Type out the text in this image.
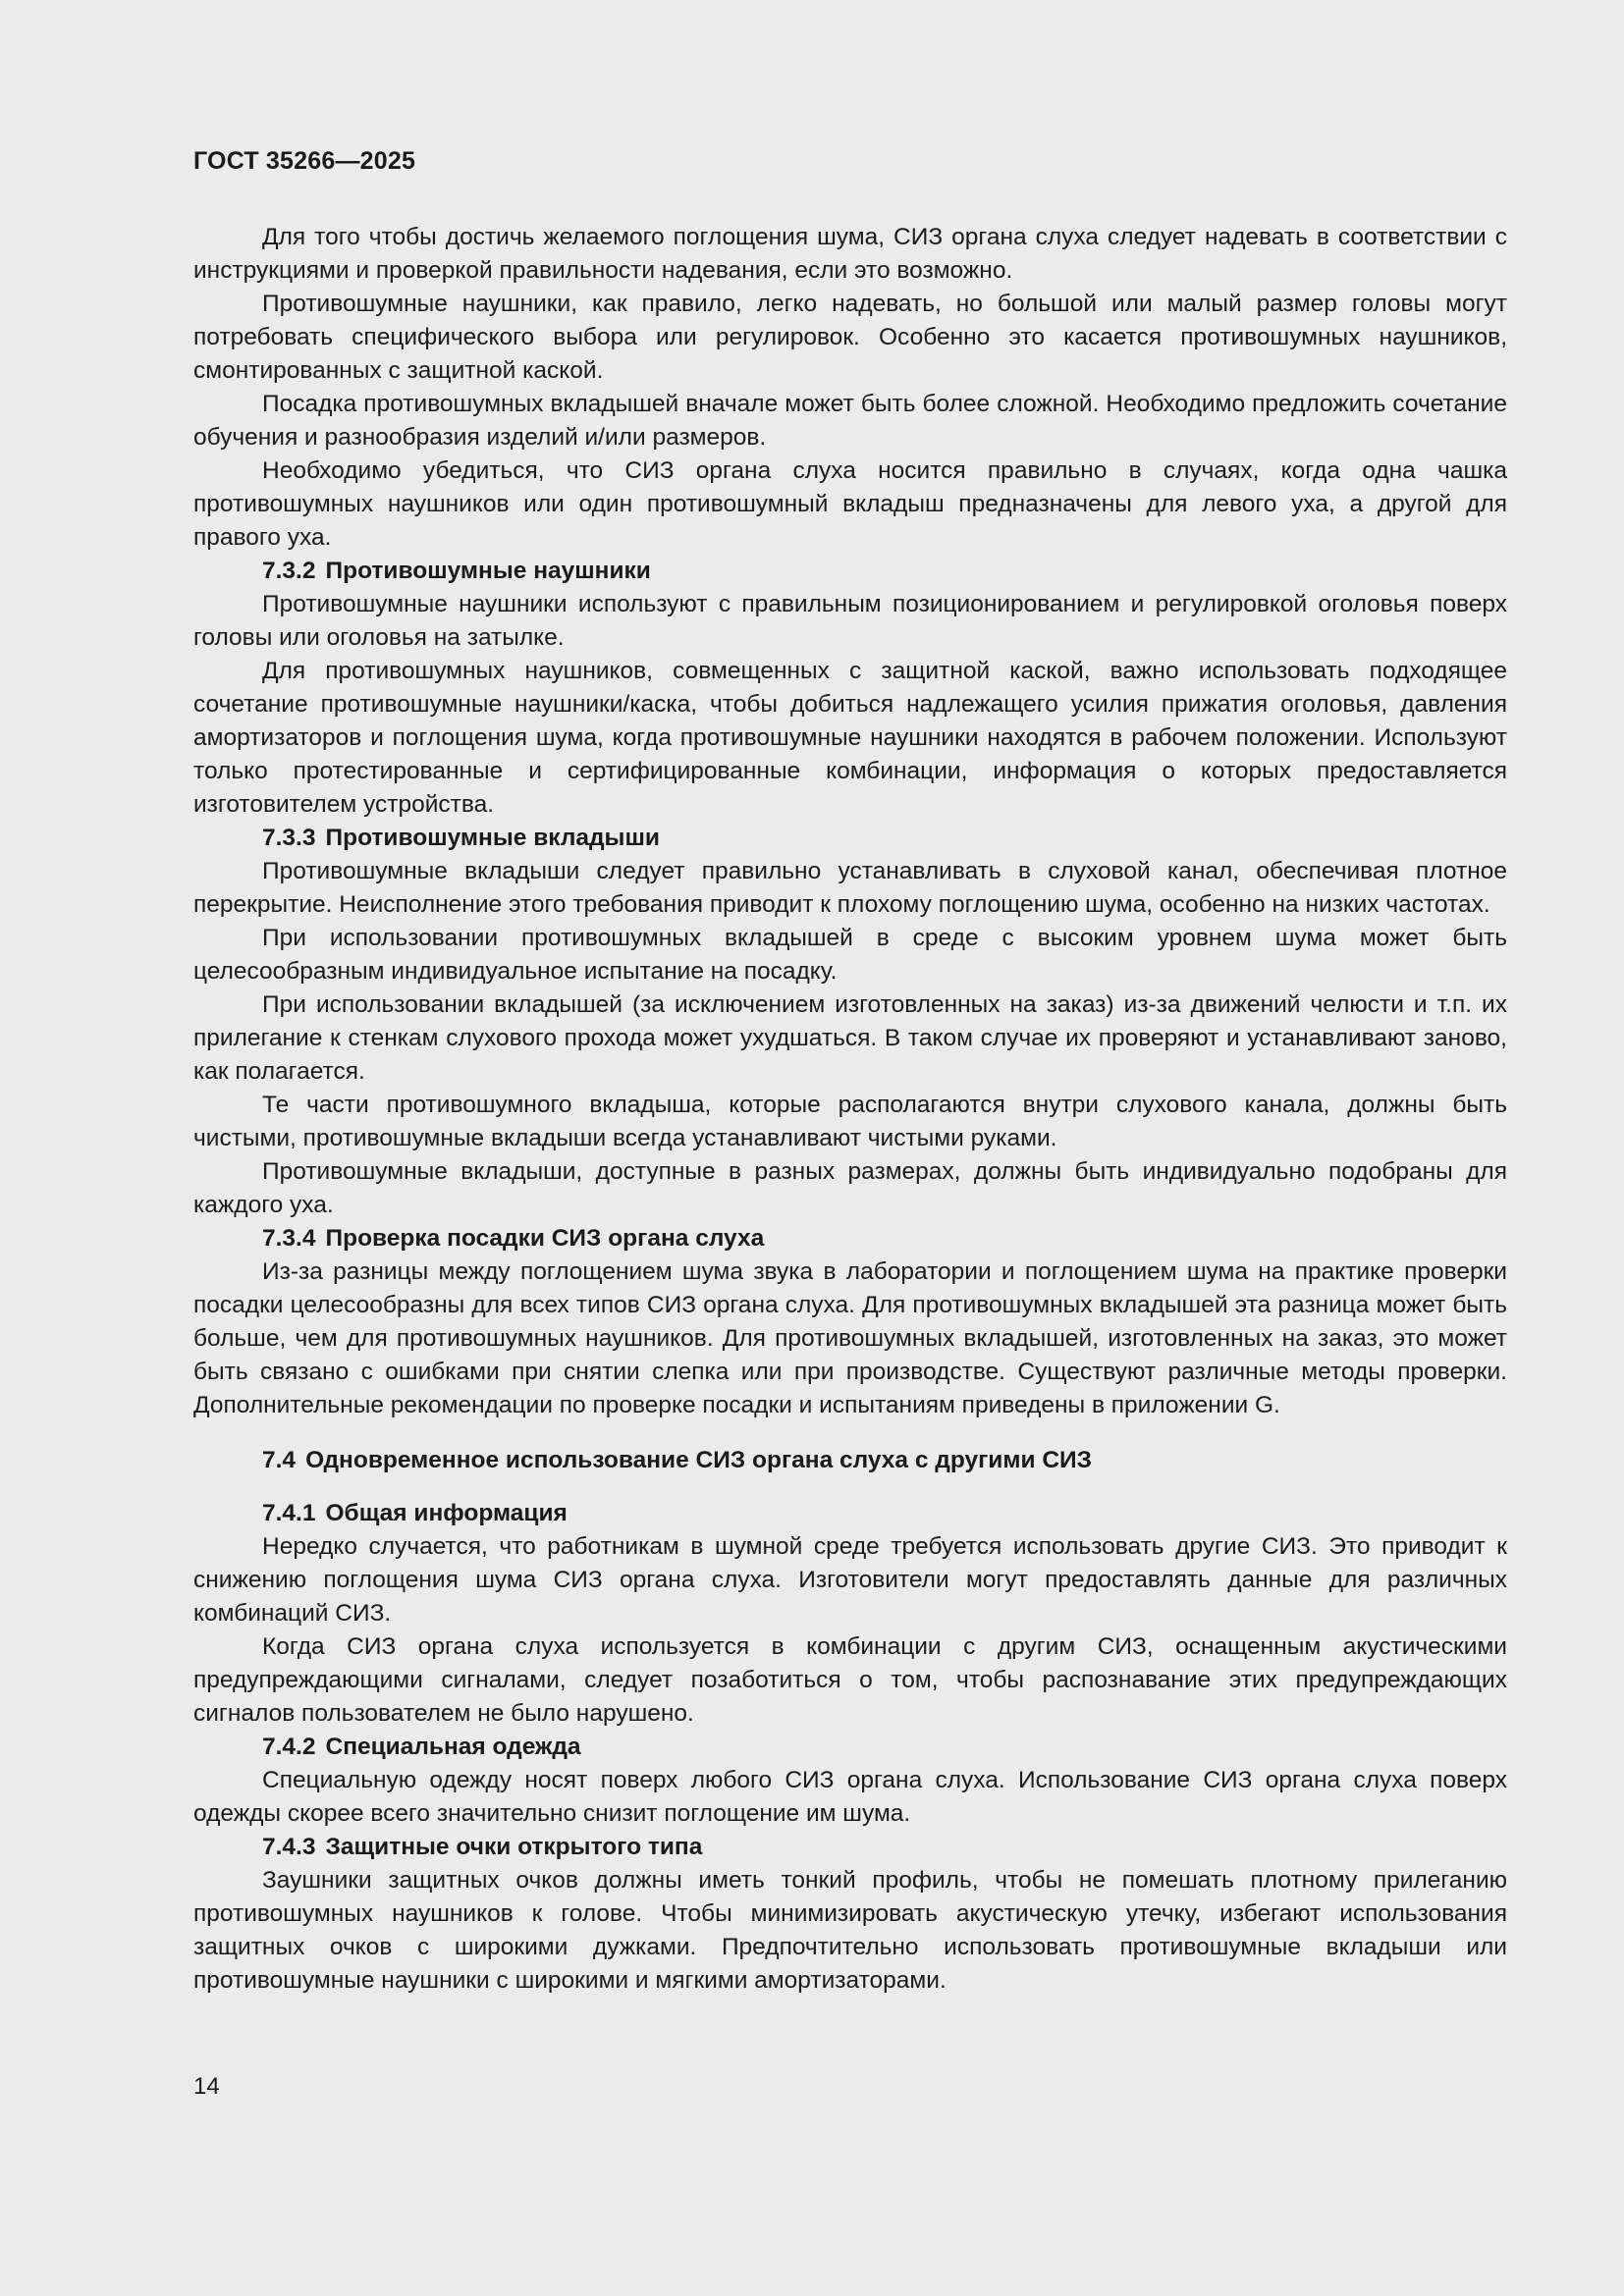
ГОСТ 35266—2025

Для того чтобы достичь желаемого поглощения шума, СИЗ органа слуха следует надевать в соответствии с инструкциями и проверкой правильности надевания, если это возможно.

Противошумные наушники, как правило, легко надевать, но большой или малый размер головы могут потребовать специфического выбора или регулировок. Особенно это касается противошумных наушников, смонтированных с защитной каской.

Посадка противошумных вкладышей вначале может быть более сложной. Необходимо предложить сочетание обучения и разнообразия изделий и/или размеров.

Необходимо убедиться, что СИЗ органа слуха носится правильно в случаях, когда одна чашка противошумных наушников или один противошумный вкладыш предназначены для левого уха, а другой для правого уха.

7.3.2 Противошумные наушники

Противошумные наушники используют с правильным позиционированием и регулировкой оголовья поверх головы или оголовья на затылке.

Для противошумных наушников, совмещенных с защитной каской, важно использовать подходящее сочетание противошумные наушники/каска, чтобы добиться надлежащего усилия прижатия оголовья, давления амортизаторов и поглощения шума, когда противошумные наушники находятся в рабочем положении. Используют только протестированные и сертифицированные комбинации, информация о которых предоставляется изготовителем устройства.

7.3.3 Противошумные вкладыши

Противошумные вкладыши следует правильно устанавливать в слуховой канал, обеспечивая плотное перекрытие. Неисполнение этого требования приводит к плохому поглощению шума, особенно на низких частотах.

При использовании противошумных вкладышей в среде с высоким уровнем шума может быть целесообразным индивидуальное испытание на посадку.

При использовании вкладышей (за исключением изготовленных на заказ) из-за движений челюсти и т.п. их прилегание к стенкам слухового прохода может ухудшаться. В таком случае их проверяют и устанавливают заново, как полагается.

Те части противошумного вкладыша, которые располагаются внутри слухового канала, должны быть чистыми, противошумные вкладыши всегда устанавливают чистыми руками.

Противошумные вкладыши, доступные в разных размерах, должны быть индивидуально подобраны для каждого уха.

7.3.4 Проверка посадки СИЗ органа слуха

Из-за разницы между поглощением шума звука в лаборатории и поглощением шума на практике проверки посадки целесообразны для всех типов СИЗ органа слуха. Для противошумных вкладышей эта разница может быть больше, чем для противошумных наушников. Для противошумных вкладышей, изготовленных на заказ, это может быть связано с ошибками при снятии слепка или при производстве. Существуют различные методы проверки. Дополнительные рекомендации по проверке посадки и испытаниям приведены в приложении G.

7.4 Одновременное использование СИЗ органа слуха с другими СИЗ
7.4.1 Общая информация

Нередко случается, что работникам в шумной среде требуется использовать другие СИЗ. Это приводит к снижению поглощения шума СИЗ органа слуха. Изготовители могут предоставлять данные для различных комбинаций СИЗ.

Когда СИЗ органа слуха используется в комбинации с другим СИЗ, оснащенным акустическими предупреждающими сигналами, следует позаботиться о том, чтобы распознавание этих предупреждающих сигналов пользователем не было нарушено.

7.4.2 Специальная одежда

Специальную одежду носят поверх любого СИЗ органа слуха. Использование СИЗ органа слуха поверх одежды скорее всего значительно снизит поглощение им шума.

7.4.3 Защитные очки открытого типа

Заушники защитных очков должны иметь тонкий профиль, чтобы не помешать плотному прилеганию противошумных наушников к голове. Чтобы минимизировать акустическую утечку, избегают использования защитных очков с широкими дужками. Предпочтительно использовать противошумные вкладыши или противошумные наушники с широкими и мягкими амортизаторами.

14
